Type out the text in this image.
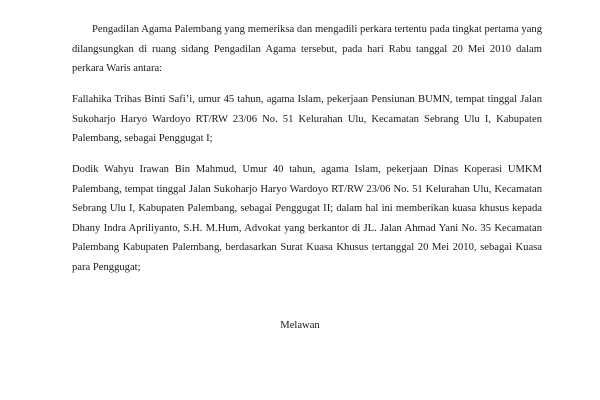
Pengadilan Agama Palembang yang memeriksa dan mengadili perkara tertentu pada tingkat pertama yang dilangsungkan di ruang sidang Pengadilan Agama tersebut, pada hari Rabu tanggal 20 Mei 2010 dalam perkara Waris antara:

Fallahika Trihas Binti Safi’i, umur 45 tahun, agama Islam, pekerjaan Pensiunan BUMN, tempat tinggal Jalan Sukoharjo Haryo Wardoyo RT/RW 23/06 No. 51 Kelurahan Ulu, Kecamatan Sebrang Ulu I, Kabupaten Palembang, sebagai Penggugat I;

Dodik Wahyu Irawan Bin Mahmud, Umur 40 tahun, agama Islam, pekerjaan Dinas Koperasi UMKM Palembang, tempat tinggal Jalan Sukoharjo Haryo Wardoyo RT/RW 23/06 No. 51 Kelurahan Ulu, Kecamatan Sebrang Ulu I, Kabupaten Palembang, sebagai Penggugat II; dalam hal ini memberikan kuasa khusus kepada Dhany Indra Apriliyanto, S.H. M.Hum, Advokat yang berkantor di JL. Jalan Ahmad Yani No. 35 Kecamatan Palembang Kabupaten Palembang, berdasarkan Surat Kuasa Khusus tertanggal 20 Mei 2010, sebagai Kuasa para Penggugat;

Melawan
